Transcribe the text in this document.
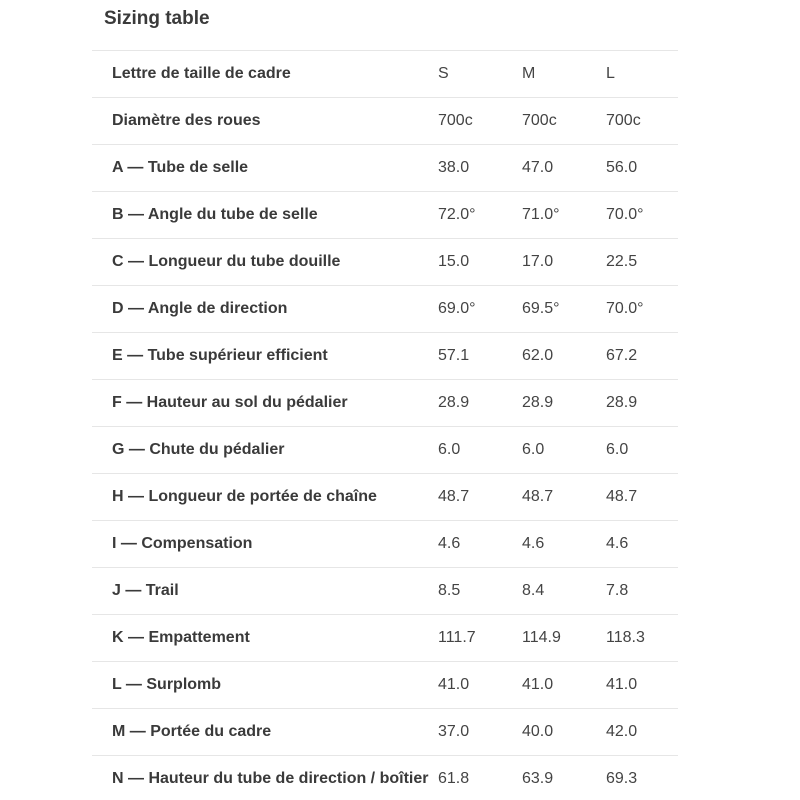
Sizing table
Lettre de taille de cadre	S	M	L
Diamètre des roues	700c	700c	700c
A — Tube de selle	38.0	47.0	56.0
B — Angle du tube de selle	72.0°	71.0°	70.0°
C — Longueur du tube douille	15.0	17.0	22.5
D — Angle de direction	69.0°	69.5°	70.0°
E — Tube supérieur efficient	57.1	62.0	67.2
F — Hauteur au sol du pédalier	28.9	28.9	28.9
G — Chute du pédalier	6.0	6.0	6.0
H — Longueur de portée de chaîne	48.7	48.7	48.7
I — Compensation	4.6	4.6	4.6
J — Trail	8.5	8.4	7.8
K — Empattement	111.7	114.9	118.3
L — Surplomb	41.0	41.0	41.0
M — Portée du cadre	37.0	40.0	42.0
N — Hauteur du tube de direction / boîtier	61.8	63.9	69.3
